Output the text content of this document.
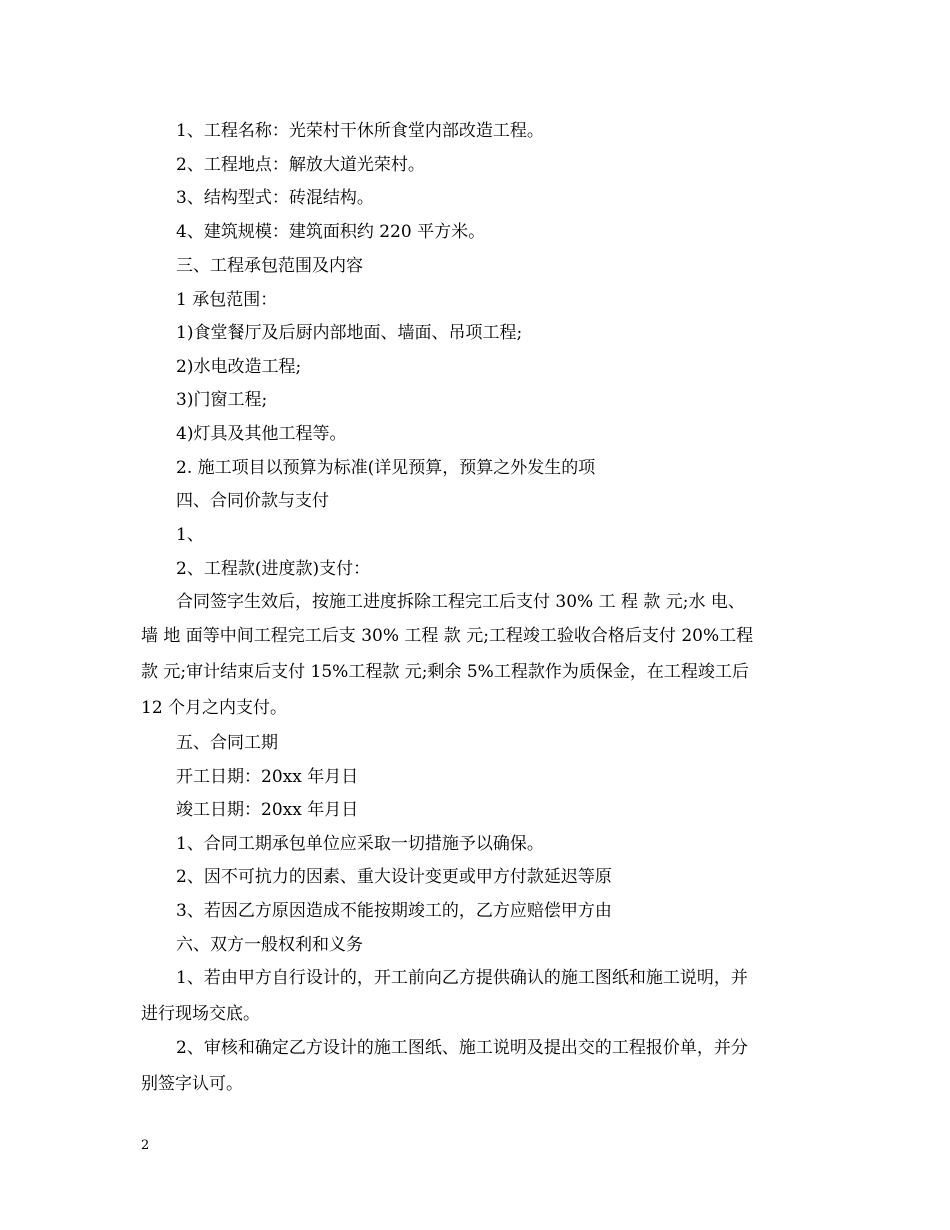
1、工程名称：光荣村干休所食堂内部改造工程。
2、工程地点：解放大道光荣村。
3、结构型式：砖混结构。
4、建筑规模：建筑面积约 220 平方米。
三、工程承包范围及内容
1 承包范围：
1)食堂餐厅及后厨内部地面、墙面、吊项工程;
2)水电改造工程;
3)门窗工程;
4)灯具及其他工程等。
2. 施工项目以预算为标准(详见预算，预算之外发生的项
四、合同价款与支付
1、
2、工程款(进度款)支付：
合同签字生效后，按施工进度拆除工程完工后支付 30% 工 程 款 元;水 电、
墙 地 面等中间工程完工后支 30% 工程 款 元;工程竣工验收合格后支付 20%工程
款 元;审计结束后支付 15%工程款 元;剩余 5%工程款作为质保金，在工程竣工后
12 个月之内支付。
五、合同工期
开工日期：20xx 年月日
竣工日期：20xx 年月日
1、合同工期承包单位应采取一切措施予以确保。
2、因不可抗力的因素、重大设计变更或甲方付款延迟等原
3、若因乙方原因造成不能按期竣工的，乙方应赔偿甲方由
六、双方一般权利和义务
1、若由甲方自行设计的，开工前向乙方提供确认的施工图纸和施工说明，并
进行现场交底。
2、审核和确定乙方设计的施工图纸、施工说明及提出交的工程报价单，并分
别签字认可。
2
